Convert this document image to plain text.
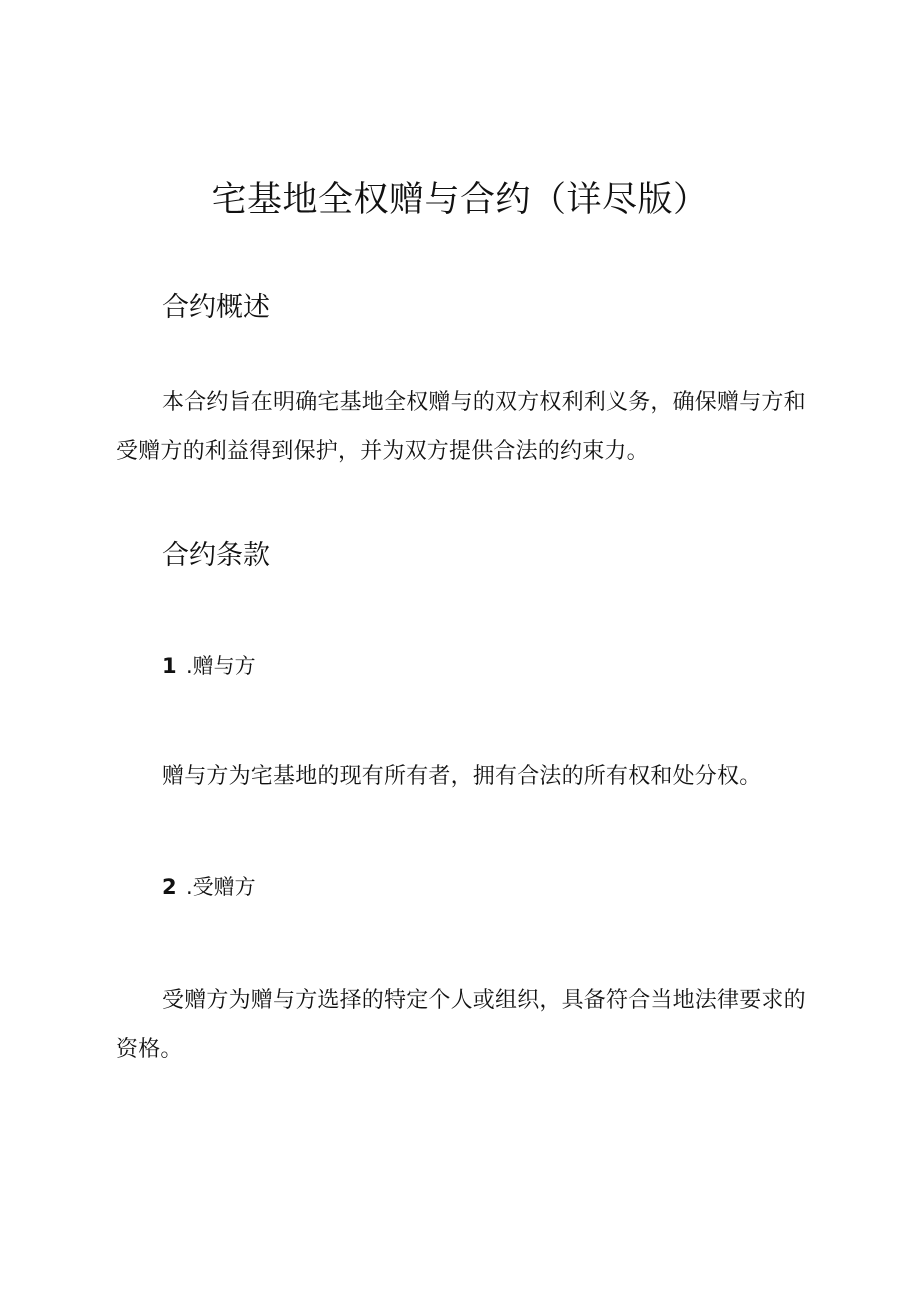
宅基地全权赠与合约（详尽版）
合约概述

本合约旨在明确宅基地全权赠与的双方权利利义务，确保赠与方和受赠方的利益得到保护，并为双方提供合法的约束力。

合约条款
1 .赠与方

赠与方为宅基地的现有所有者，拥有合法的所有权和处分权。

2 .受赠方

受赠方为赠与方选择的特定个人或组织，具备符合当地法律要求的资格。
